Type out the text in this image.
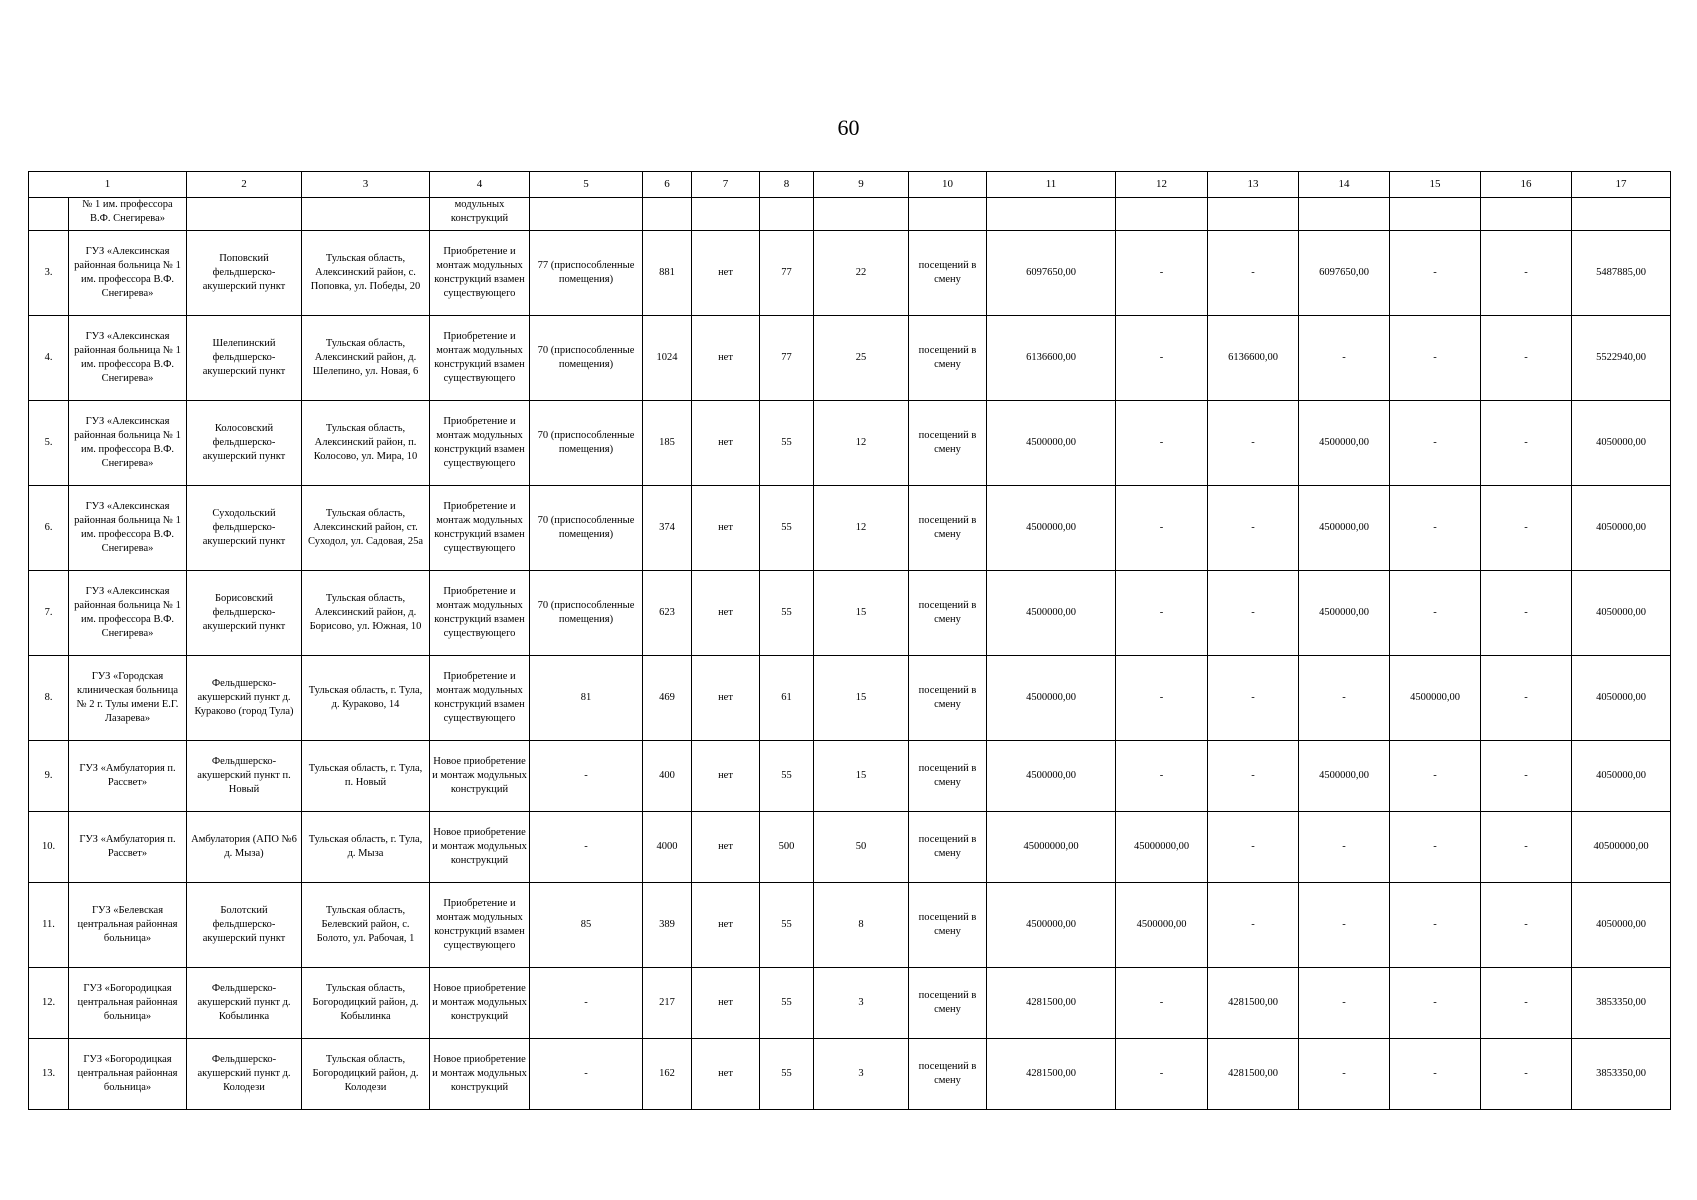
60
1		2	3	4	5	6	7	8	9	10	11	12	13	14	15	16	17
	№ 1 им. профессора В.Ф. Снегирева»			модульных конструкций													
3.	ГУЗ «Алексинская районная больница № 1 им. профессора В.Ф. Снегирева»	Поповский фельдшерско-акушерский пункт	Тульская область, Алексинский район, с. Поповка, ул. Победы, 20	Приобретение и монтаж модульных конструкций взамен существующего	77 (приспособленные помещения)	881	нет	77	22	посещений в смену	6097650,00	-	-	6097650,00	-	-	5487885,00
4.	ГУЗ «Алексинская районная больница № 1 им. профессора В.Ф. Снегирева»	Шелепинский фельдшерско-акушерский пункт	Тульская область, Алексинский район, д. Шелепино, ул. Новая, 6	Приобретение и монтаж модульных конструкций взамен существующего	70 (приспособленные помещения)	1024	нет	77	25	посещений в смену	6136600,00	-	6136600,00	-	-	-	5522940,00
5.	ГУЗ «Алексинская районная больница № 1 им. профессора В.Ф. Снегирева»	Колосовский фельдшерско-акушерский пункт	Тульская область, Алексинский район, п. Колосово, ул. Мира, 10	Приобретение и монтаж модульных конструкций взамен существующего	70 (приспособленные помещения)	185	нет	55	12	посещений в смену	4500000,00	-	-	4500000,00	-	-	4050000,00
6.	ГУЗ «Алексинская районная больница № 1 им. профессора В.Ф. Снегирева»	Суходольский фельдшерско-акушерский пункт	Тульская область, Алексинский район, ст. Суходол, ул. Садовая, 25а	Приобретение и монтаж модульных конструкций взамен существующего	70 (приспособленные помещения)	374	нет	55	12	посещений в смену	4500000,00	-	-	4500000,00	-	-	4050000,00
7.	ГУЗ «Алексинская районная больница № 1 им. профессора В.Ф. Снегирева»	Борисовский фельдшерско-акушерский пункт	Тульская область, Алексинский район, д. Борисово, ул. Южная, 10	Приобретение и монтаж модульных конструкций взамен существующего	70 (приспособленные помещения)	623	нет	55	15	посещений в смену	4500000,00	-	-	4500000,00	-	-	4050000,00
8.	ГУЗ «Городская клиническая больница № 2 г. Тулы имени Е.Г. Лазарева»	Фельдшерско-акушерский пункт д. Кураково (город Тула)	Тульская область, г. Тула, д. Кураково, 14	Приобретение и монтаж модульных конструкций взамен существующего	81	469	нет	61	15	посещений в смену	4500000,00	-	-	-	4500000,00	-	4050000,00
9.	ГУЗ «Амбулатория п. Рассвет»	Фельдшерско-акушерский пункт п. Новый	Тульская область, г. Тула, п. Новый	Новое приобретение и монтаж модульных конструкций	-	400	нет	55	15	посещений в смену	4500000,00	-	-	4500000,00	-	-	4050000,00
10.	ГУЗ «Амбулатория п. Рассвет»	Амбулатория (АПО №6 д. Мыза)	Тульская область, г. Тула, д. Мыза	Новое приобретение и монтаж модульных конструкций	-	4000	нет	500	50	посещений в смену	45000000,00	45000000,00	-	-	-	-	40500000,00
11.	ГУЗ «Белевская центральная районная больница»	Болотский фельдшерско-акушерский пункт	Тульская область, Белевский район, с. Болото, ул. Рабочая, 1	Приобретение и монтаж модульных конструкций взамен существующего	85	389	нет	55	8	посещений в смену	4500000,00	4500000,00	-	-	-	-	4050000,00
12.	ГУЗ «Богородицкая центральная районная больница»	Фельдшерско-акушерский пункт д. Кобылинка	Тульская область, Богородицкий район, д. Кобылинка	Новое приобретение и монтаж модульных конструкций	-	217	нет	55	3	посещений в смену	4281500,00	-	4281500,00	-	-	-	3853350,00
13.	ГУЗ «Богородицкая центральная районная больница»	Фельдшерско-акушерский пункт д. Колодези	Тульская область, Богородицкий район, д. Колодези	Новое приобретение и монтаж модульных конструкций	-	162	нет	55	3	посещений в смену	4281500,00	-	4281500,00	-	-	-	3853350,00
